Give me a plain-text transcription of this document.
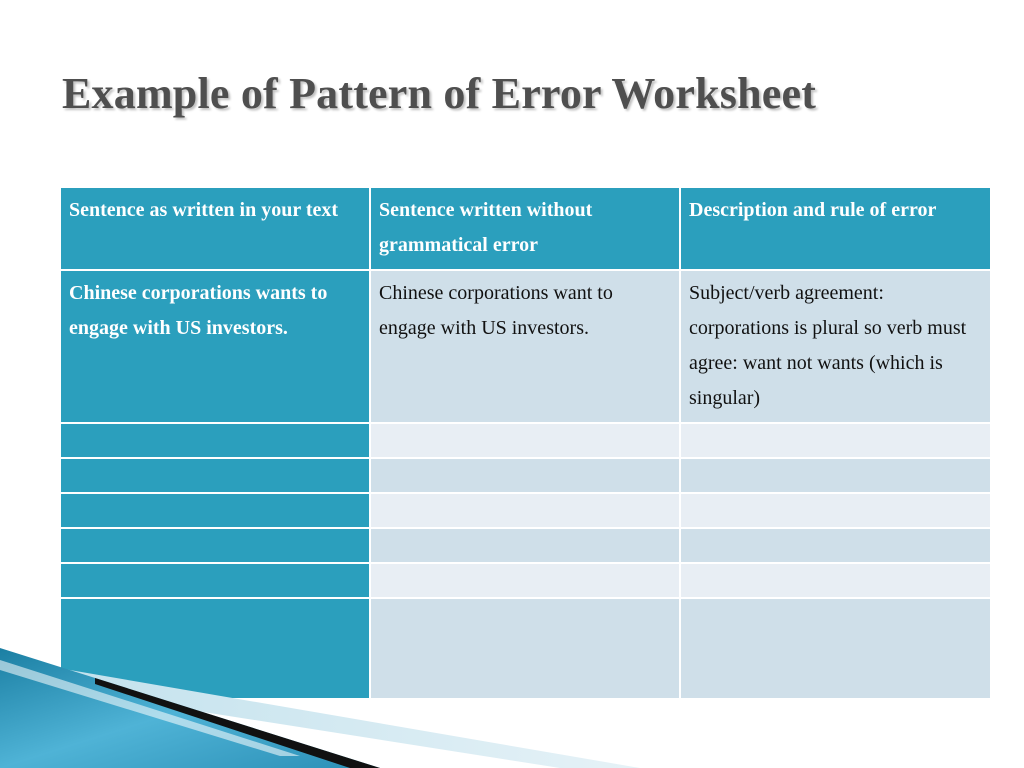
Example of Pattern of Error Worksheet
Sentence as written in your text	Sentence written without grammatical error	Description and rule of error
Chinese corporations wants to engage with US investors.	Chinese corporations want to engage with US investors.	Subject/verb agreement: corporations is plural so verb must agree: want not wants (which is singular)
